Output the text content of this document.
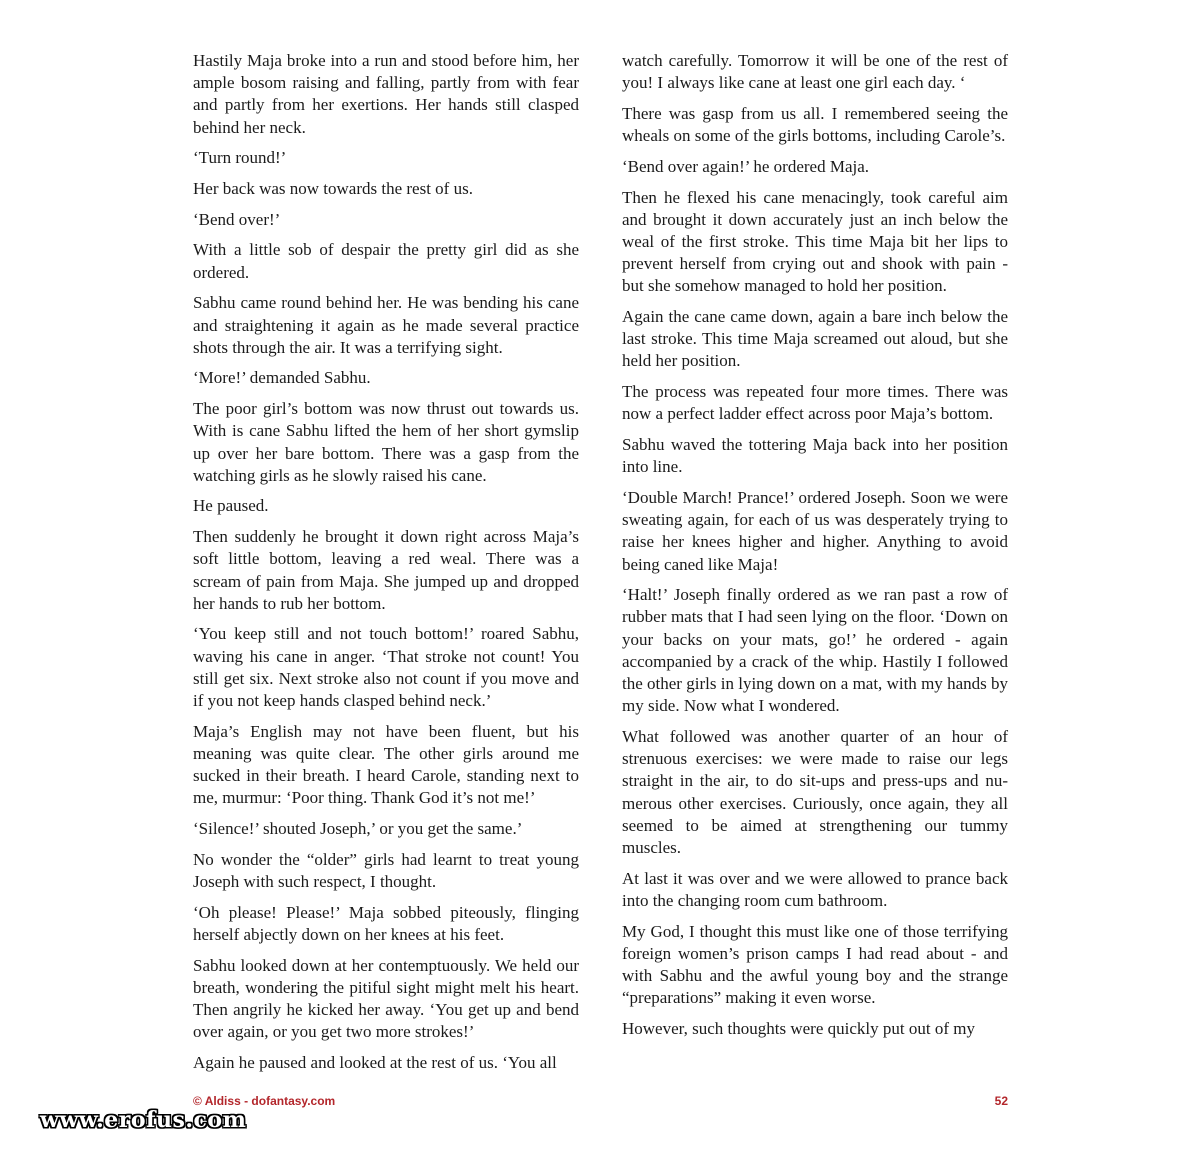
Hastily Maja broke into a run and stood before him, her ample bosom raising and falling, partly from with fear and partly from her exertions. Her hands still clasped behind her neck.

‘Turn round!’

Her back was now towards the rest of us.

‘Bend over!’

With a little sob of despair the pretty girl did as she ordered.

Sabhu came round behind her. He was bending his cane and straightening it again as he made several practice shots through the air. It was a terrifying sight.

‘More!’ demanded Sabhu.

The poor girl’s bottom was now thrust out towards us. With is cane Sabhu lifted the hem of her short gymslip up over her bare bottom. There was a gasp from the watching girls as he slowly raised his cane.

He paused.

Then suddenly he brought it down right across Maja’s soft little bottom, leaving a red weal. There was a scream of pain from Maja. She jumped up and dropped her hands to rub her bottom.

‘You keep still and not touch bottom!’ roared Sabhu, waving his cane in anger. ‘That stroke not count! You still get six. Next stroke also not count if you move and if you not keep hands clasped behind neck.’

Maja’s English may not have been fluent, but his meaning was quite clear. The other girls around me sucked in their breath. I heard Carole, standing next to me, murmur: ‘Poor thing. Thank God it’s not me!’

‘Silence!’ shouted Joseph,’ or you get the same.’

No wonder the “older” girls had learnt to treat young Joseph with such respect, I thought.

‘Oh please! Please!’ Maja sobbed piteously, flinging herself abjectly down on her knees at his feet.

Sabhu looked down at her contemptuously. We held our breath, wondering the pitiful sight might melt his heart. Then angrily he kicked her away. ‘You get up and bend over again, or you get two more strokes!’

Again he paused and looked at the rest of us. ‘You all

watch carefully. Tomorrow it will be one of the rest of you! I always like cane at least one girl each day. ‘

There was gasp from us all. I remembered seeing the wheals on some of the girls bottoms, including Carole’s.

‘Bend over again!’ he ordered Maja.

Then he flexed his cane menacingly, took careful aim and brought it down accurately just an inch below the weal of the first stroke. This time Maja bit her lips to prevent herself from crying out and shook with pain - but she somehow managed to hold her position.

Again the cane came down, again a bare inch below the last stroke. This time Maja screamed out aloud, but she held her position.

The process was repeated four more times. There was now a perfect ladder effect across poor Maja’s bottom.

Sabhu waved the tottering Maja back into her position into line.

‘Double March! Prance!’ ordered Joseph. Soon we were sweating again, for each of us was desperately trying to raise her knees higher and higher. Anything to avoid being caned like Maja!

‘Halt!’ Joseph finally ordered as we ran past a row of rubber mats that I had seen lying on the floor. ‘Down on your backs on your mats, go!’ he ordered - again accompanied by a crack of the whip. Hastily I followed the other girls in lying down on a mat, with my hands by my side. Now what I wondered.

What followed was another quarter of an hour of strenuous exercises: we were made to raise our legs straight in the air, to do sit-ups and press-ups and numerous other exercises. Curiously, once again, they all seemed to be aimed at strengthening our tummy muscles.

At last it was over and we were allowed to prance back into the changing room cum bathroom.

My God, I thought this must like one of those terrifying foreign women’s prison camps I had read about - and with Sabhu and the awful young boy and the strange “preparations” making it even worse.

However, such thoughts were quickly put out of my

© Aldiss - dofantasy.com	52
www.erofus.com
